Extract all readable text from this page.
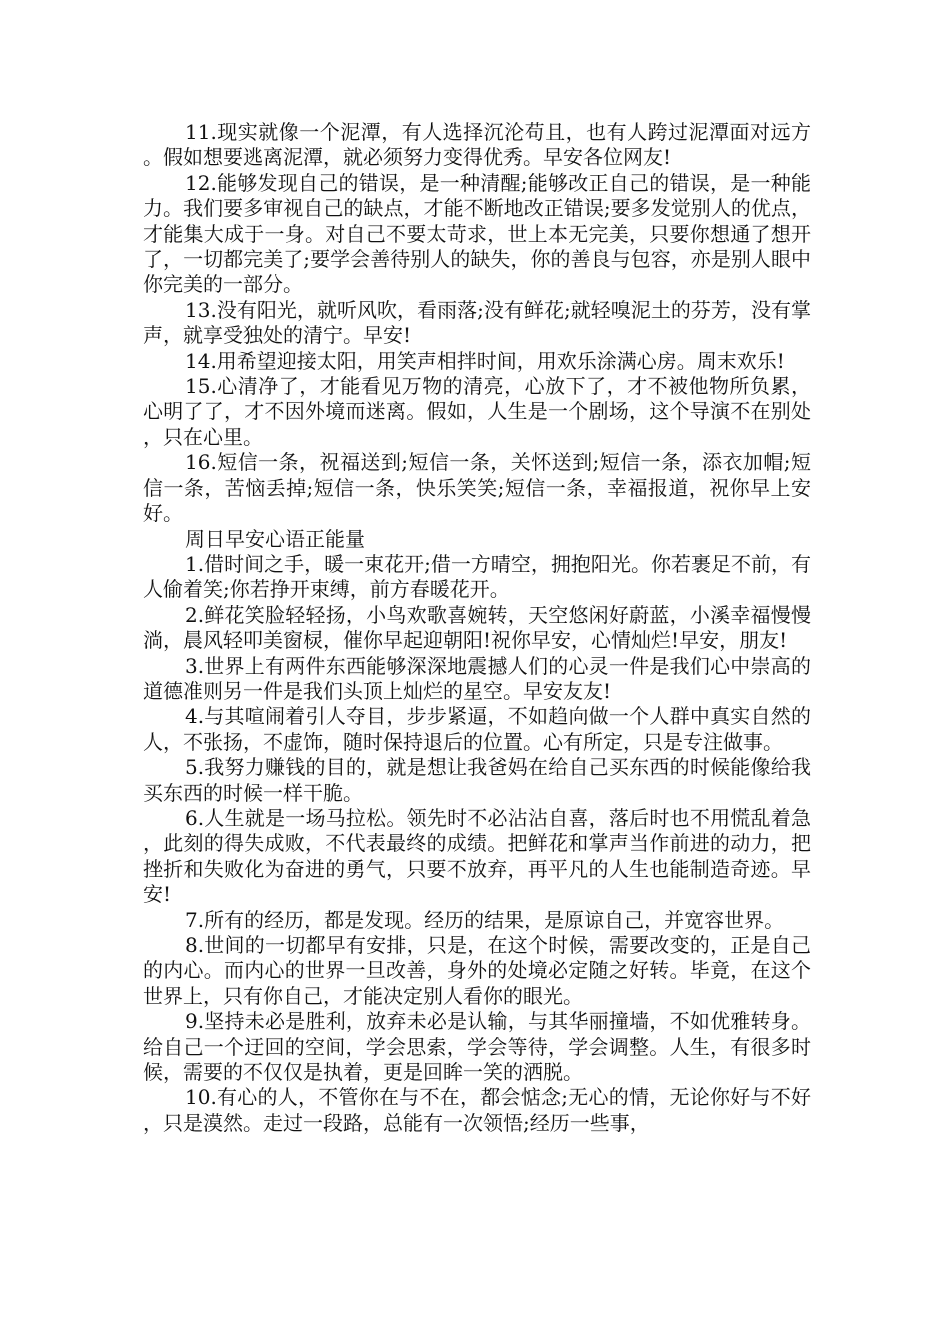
11.现实就像一个泥潭，有人选择沉沦苟且，也有人跨过泥潭面对远方。假如想要逃离泥潭，就必须努力变得优秀。早安各位网友!

12.能够发现自己的错误，是一种清醒;能够改正自己的错误，是一种能力。我们要多审视自己的缺点，才能不断地改正错误;要多发觉别人的优点，才能集大成于一身。对自己不要太苛求，世上本无完美，只要你想通了想开了，一切都完美了;要学会善待别人的缺失，你的善良与包容，亦是别人眼中你完美的一部分。

13.没有阳光，就听风吹，看雨落;没有鲜花;就轻嗅泥土的芬芳，没有掌声，就享受独处的清宁。早安!

14.用希望迎接太阳，用笑声相拌时间，用欢乐涂满心房。周末欢乐!

15.心清净了，才能看见万物的清亮，心放下了，才不被他物所负累，心明了了，才不因外境而迷离。假如，人生是一个剧场，这个导演不在别处，只在心里。

16.短信一条，祝福送到;短信一条，关怀送到;短信一条，添衣加帽;短信一条，苦恼丢掉;短信一条，快乐笑笑;短信一条，幸福报道，祝你早上安好。

周日早安心语正能量

1.借时间之手，暖一束花开;借一方晴空，拥抱阳光。你若裹足不前，有人偷着笑;你若挣开束缚，前方春暖花开。

2.鲜花笑脸轻轻扬，小鸟欢歌喜婉转，天空悠闲好蔚蓝，小溪幸福慢慢淌，晨风轻叩美窗棂，催你早起迎朝阳!祝你早安，心情灿烂!早安，朋友!

3.世界上有两件东西能够深深地震撼人们的心灵一件是我们心中崇高的道德准则另一件是我们头顶上灿烂的星空。早安友友!

4.与其喧闹着引人夺目，步步紧逼，不如趋向做一个人群中真实自然的人，不张扬，不虚饰，随时保持退后的位置。心有所定，只是专注做事。

5.我努力赚钱的目的，就是想让我爸妈在给自己买东西的时候能像给我买东西的时候一样干脆。

6.人生就是一场马拉松。领先时不必沾沾自喜，落后时也不用慌乱着急，此刻的得失成败，不代表最终的成绩。把鲜花和掌声当作前进的动力，把挫折和失败化为奋进的勇气，只要不放弃，再平凡的人生也能制造奇迹。早安!

7.所有的经历，都是发现。经历的结果，是原谅自己，并宽容世界。

8.世间的一切都早有安排，只是，在这个时候，需要改变的，正是自己的内心。而内心的世界一旦改善，身外的处境必定随之好转。毕竟，在这个世界上，只有你自己，才能决定别人看你的眼光。

9.坚持未必是胜利，放弃未必是认输，与其华丽撞墙，不如优雅转身。给自己一个迂回的空间，学会思索，学会等待，学会调整。人生，有很多时候，需要的不仅仅是执着，更是回眸一笑的洒脱。

10.有心的人，不管你在与不在，都会惦念;无心的情，无论你好与不好，只是漠然。走过一段路，总能有一次领悟;经历一些事，
